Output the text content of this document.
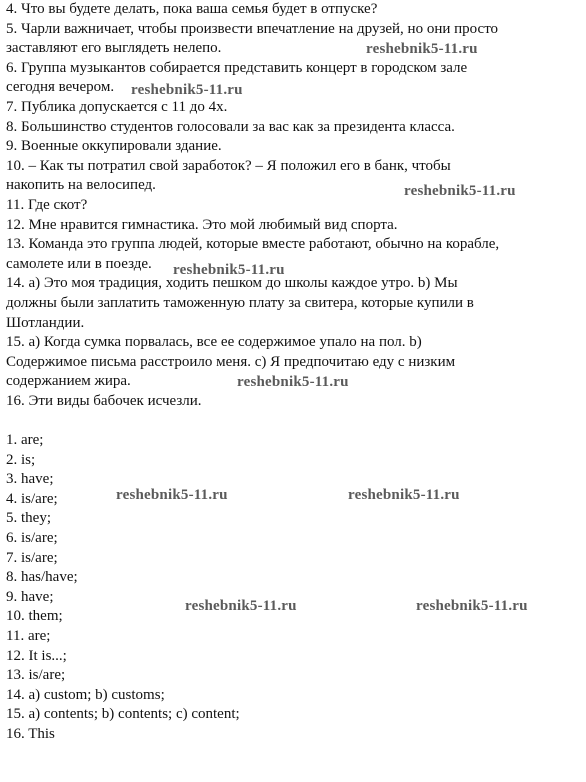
4. Что вы будете делать, пока ваша семья будет в отпуске?
5. Чарли важничает, чтобы произвести впечатление на друзей, но они просто
заставляют его выглядеть нелепо.
6. Группа музыкантов собирается представить концерт в городском зале
сегодня вечером.
7. Публика допускается с 11 до 4х.
8. Большинство студентов голосовали за вас как за президента класса.
9. Военные оккупировали здание.
10. – Как ты потратил свой заработок? – Я положил его в банк, чтобы
накопить на велосипед.
11. Где скот?
12. Мне нравится гимнастика. Это мой любимый вид спорта.
13. Команда это группа людей, которые вместе работают, обычно на корабле,
самолете или в поезде.
14. а) Это моя традиция, ходить пешком до школы каждое утро. b) Мы
должны были заплатить таможенную плату за свитера, которые купили в
Шотландии.
15. а) Когда сумка порвалась, все ее содержимое упало на пол. b)
Содержимое письма расстроило меня. с) Я предпочитаю еду с низким
содержанием жира.
16. Эти виды бабочек исчезли.
1. are;
2. is;
3. have;
4. is/are;
5. they;
6. is/are;
7. is/are;
8. has/have;
9. have;
10. them;
11. are;
12. It is...;
13. is/are;
14. a) custom; b) customs;
15. a) contents; b) contents; c) content;
16. This
reshebnik5-11.ru
reshebnik5-11.ru
reshebnik5-11.ru
reshebnik5-11.ru
reshebnik5-11.ru
reshebnik5-11.ru	reshebnik5-11.ru
reshebnik5-11.ru	reshebnik5-11.ru
